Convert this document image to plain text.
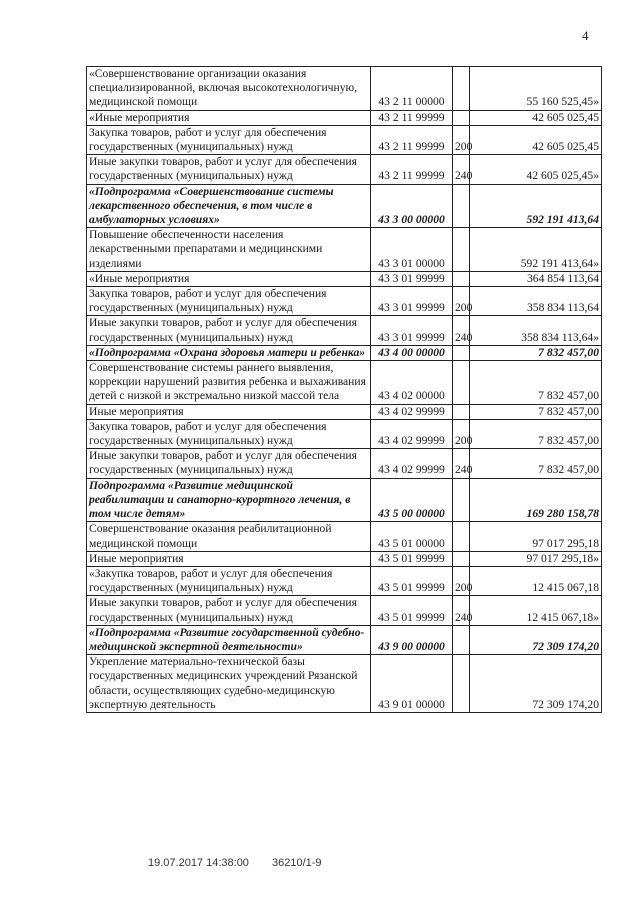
4
«Совершенствование организации оказания специализированной, включая высокотехнологичную, медицинской помощи	43 2 11 00000		55 160 525,45»
«Иные мероприятия	43 2 11 99999		42 605 025,45
Закупка товаров, работ и услуг для обеспечения государственных (муниципальных) нужд	43 2 11 99999	200	42 605 025,45
Иные закупки товаров, работ и услуг для обеспечения государственных (муниципальных) нужд	43 2 11 99999	240	42 605 025,45»
«Подпрограмма «Совершенствование системы лекарственного обеспечения, в том числе в амбулаторных условиях»	43 3 00 00000		592 191 413,64
Повышение обеспеченности населения лекарственными препаратами и медицинскими изделиями	43 3 01 00000		592 191 413,64»
«Иные мероприятия	43 3 01 99999		364 854 113,64
Закупка товаров, работ и услуг для обеспечения государственных (муниципальных) нужд	43 3 01 99999	200	358 834 113,64
Иные закупки товаров, работ и услуг для обеспечения государственных (муниципальных) нужд	43 3 01 99999	240	358 834 113,64»
«Подпрограмма «Охрана здоровья матери и ребенка»	43 4 00 00000		7 832 457,00
Совершенствование системы раннего выявления, коррекции нарушений развития ребенка и выхаживания детей с низкой и экстремально низкой массой тела	43 4 02 00000		7 832 457,00
Иные мероприятия	43 4 02 99999		7 832 457,00
Закупка товаров, работ и услуг для обеспечения государственных (муниципальных) нужд	43 4 02 99999	200	7 832 457,00
Иные закупки товаров, работ и услуг для обеспечения государственных (муниципальных) нужд	43 4 02 99999	240	7 832 457,00
Подпрограмма «Развитие медицинской реабилитации и санаторно-курортного лечения, в том числе детям»	43 5 00 00000		169 280 158,78
Совершенствование оказания реабилитационной медицинской помощи	43 5 01 00000		97 017 295,18
Иные мероприятия	43 5 01 99999		97 017 295,18»
«Закупка товаров, работ и услуг для обеспечения государственных (муниципальных) нужд	43 5 01 99999	200	12 415 067,18
Иные закупки товаров, работ и услуг для обеспечения государственных (муниципальных) нужд	43 5 01 99999	240	12 415 067,18»
«Подпрограмма «Развитие государственной судебно-медицинской экспертной деятельности»	43 9 00 00000		72 309 174,20
Укрепление материально-технической базы государственных медицинских учреждений Рязанской области, осуществляющих судебно-медицинскую экспертную деятельность	43 9 01 00000		72 309 174,20
19.07.2017 14:38:00 36210/1-9
